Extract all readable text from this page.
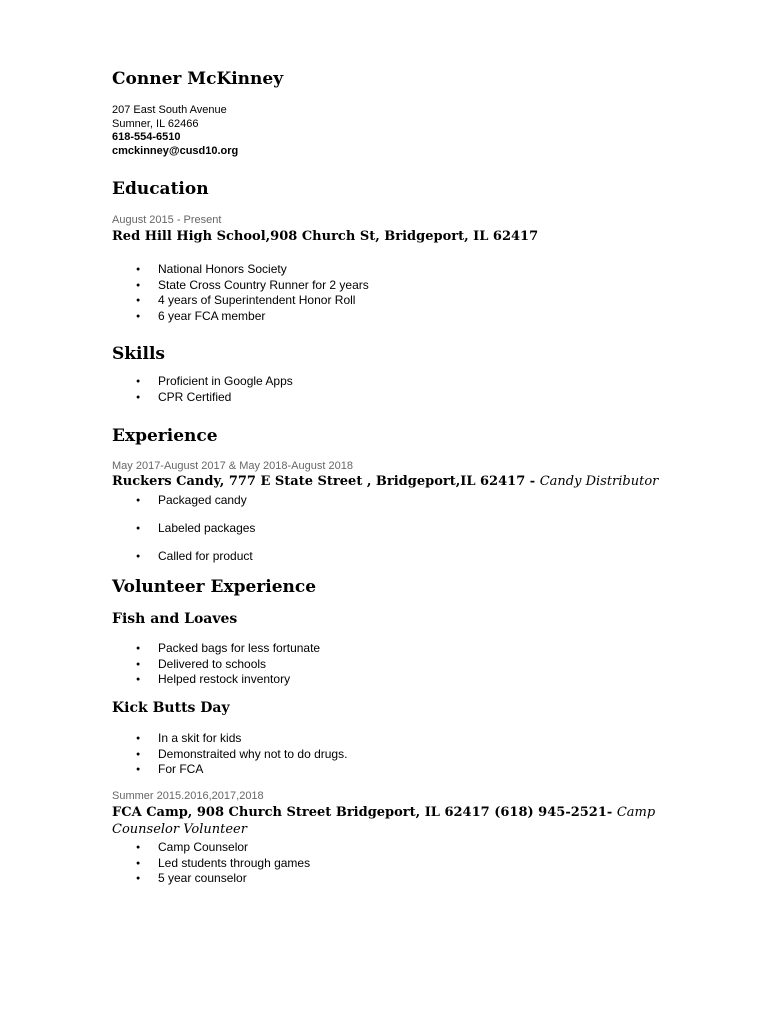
Conner McKinney
207 East South Avenue
Sumner, IL 62466
618-554-6510
cmckinney@cusd10.org
Education
August 2015 - Present
Red Hill High School,908 Church St, Bridgeport, IL 62417
● National Honors Society
● State Cross Country Runner for 2 years
● 4 years of Superintendent Honor Roll
● 6 year FCA member
Skills
● Proficient in Google Apps
● CPR Certified
Experience
May 2017-August 2017 & May 2018-August 2018
Ruckers Candy, 777 E State Street , Bridgeport,IL 62417 - Candy Distributor
● Packaged candy
● Labeled packages
● Called for product
Volunteer Experience
Fish and Loaves
● Packed bags for less fortunate
● Delivered to schools
● Helped restock inventory
Kick Butts Day
● In a skit for kids
● Demonstraited why not to do drugs.
● For FCA
Summer 2015.2016,2017,2018
FCA Camp, 908 Church Street Bridgeport, IL 62417 (618) 945-2521- Camp Counselor Volunteer
● Camp Counselor
● Led students through games
● 5 year counselor
